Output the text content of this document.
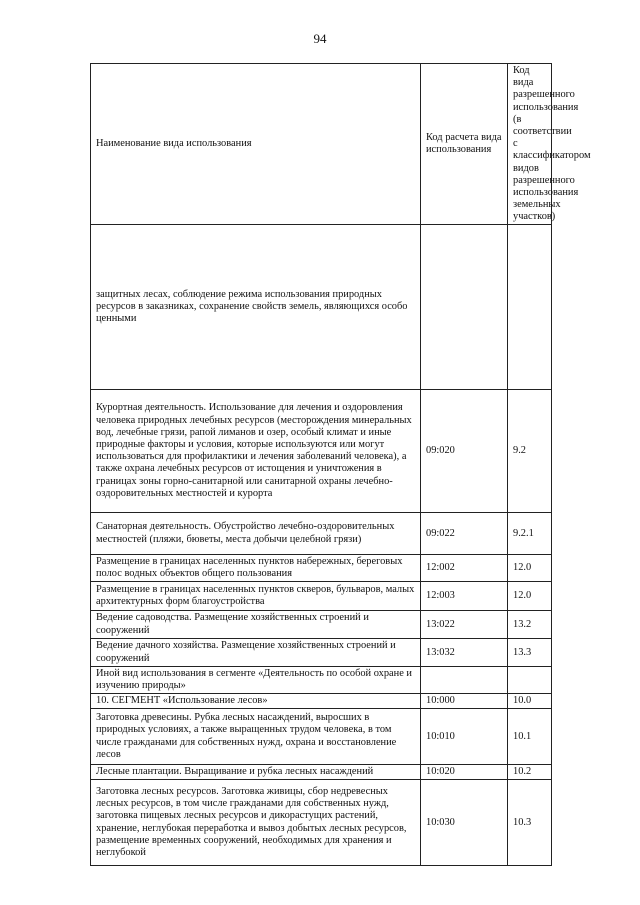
94
Наименование вида использования	Код расчета вида использования	Код вида разрешенного использования (в соответствии с классификатором видов разрешенного использования земельных участков)
защитных лесах, соблюдение режима использования природных ресурсов в заказниках, сохранение свойств земель, являющихся особо ценными		
Курортная деятельность. Использование для лечения и оздоровления человека природных лечебных ресурсов (месторождения минеральных вод, лечебные грязи, рапой лиманов и озер, особый климат и иные природные факторы и условия, которые используются или могут использоваться для профилактики и лечения заболеваний человека), а также охрана лечебных ресурсов от истощения и уничтожения в границах зоны горно-санитарной или санитарной охраны лечебно-оздоровительных местностей и курорта	09:020	9.2
Санаторная деятельность. Обустройство лечебно-оздоровительных местностей (пляжи, бюветы, места добычи целебной грязи)	09:022	9.2.1
Размещение в границах населенных пунктов набережных, береговых полос водных объектов общего пользования	12:002	12.0
Размещение в границах населенных пунктов скверов, бульваров, малых архитектурных форм благоустройства	12:003	12.0
Ведение садоводства. Размещение хозяйственных строений и сооружений	13:022	13.2
Ведение дачного хозяйства. Размещение хозяйственных строений и сооружений	13:032	13.3
Иной вид использования в сегменте «Деятельность по особой охране и изучению природы»		
10. СЕГМЕНТ «Использование лесов»	10:000	10.0
Заготовка древесины. Рубка лесных насаждений, выросших в природных условиях, а также выращенных трудом человека, в том числе гражданами для собственных нужд, охрана и восстановление лесов	10:010	10.1
Лесные плантации. Выращивание и рубка лесных насаждений	10:020	10.2
Заготовка лесных ресурсов. Заготовка живицы, сбор недревесных лесных ресурсов, в том числе гражданами для собственных нужд, заготовка пищевых лесных ресурсов и дикорастущих растений, хранение, неглубокая переработка и вывоз добытых лесных ресурсов, размещение временных сооружений, необходимых для хранения и неглубокой	10:030	10.3
